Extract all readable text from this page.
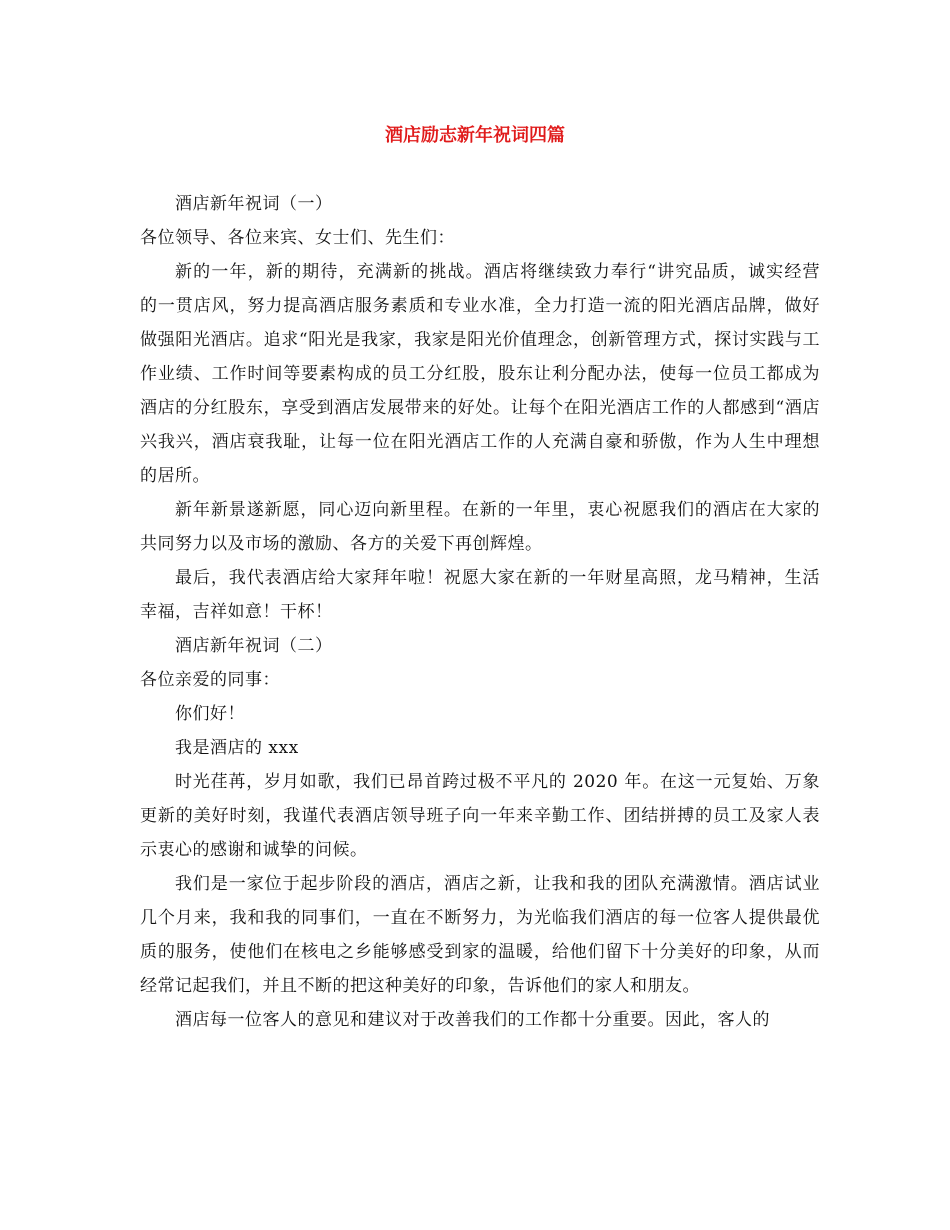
酒店励志新年祝词四篇

酒店新年祝词（一）

各位领导、各位来宾、女士们、先生们：

新的一年，新的期待，充满新的挑战。酒店将继续致力奉行“讲究品质，诚实经营 的一贯店风，努力提高酒店服务素质和专业水准，全力打造一流的阳光酒店品牌，做好做强阳光酒店。追求“阳光是我家，我家是阳光价值理念，创新管理方式，探讨实践与工作业绩、工作时间等要素构成的员工分红股，股东让利分配办法，使每一位员工都成为酒店的分红股东，享受到酒店发展带来的好处。让每个在阳光酒店工作的人都感到“酒店兴我兴，酒店衰我耻，让每一位在阳光酒店工作的人充满自豪和骄傲，作为人生中理想的居所。

新年新景遂新愿，同心迈向新里程。在新的一年里，衷心祝愿我们的酒店在大家的共同努力以及市场的激励、各方的关爱下再创辉煌。

最后，我代表酒店给大家拜年啦！祝愿大家在新的一年财星高照，龙马精神，生活幸福，吉祥如意！干杯！

酒店新年祝词（二）

各位亲爱的同事：

你们好！

我是酒店的 xxx

时光荏苒，岁月如歌，我们已昂首跨过极不平凡的 2020 年。在这一元复始、万象更新的美好时刻，我谨代表酒店领导班子向一年来辛勤工作、团结拼搏的员工及家人表示衷心的感谢和诚挚的问候。

我们是一家位于起步阶段的酒店，酒店之新，让我和我的团队充满激情。酒店试业几个月来，我和我的同事们，一直在不断努力，为光临我们酒店的每一位客人提供最优质的服务，使他们在核电之乡能够感受到家的温暖，给他们留下十分美好的印象，从而经常记起我们，并且不断的把这种美好的印象，告诉他们的家人和朋友。

酒店每一位客人的意见和建议对于改善我们的工作都十分重要。因此，客人的
